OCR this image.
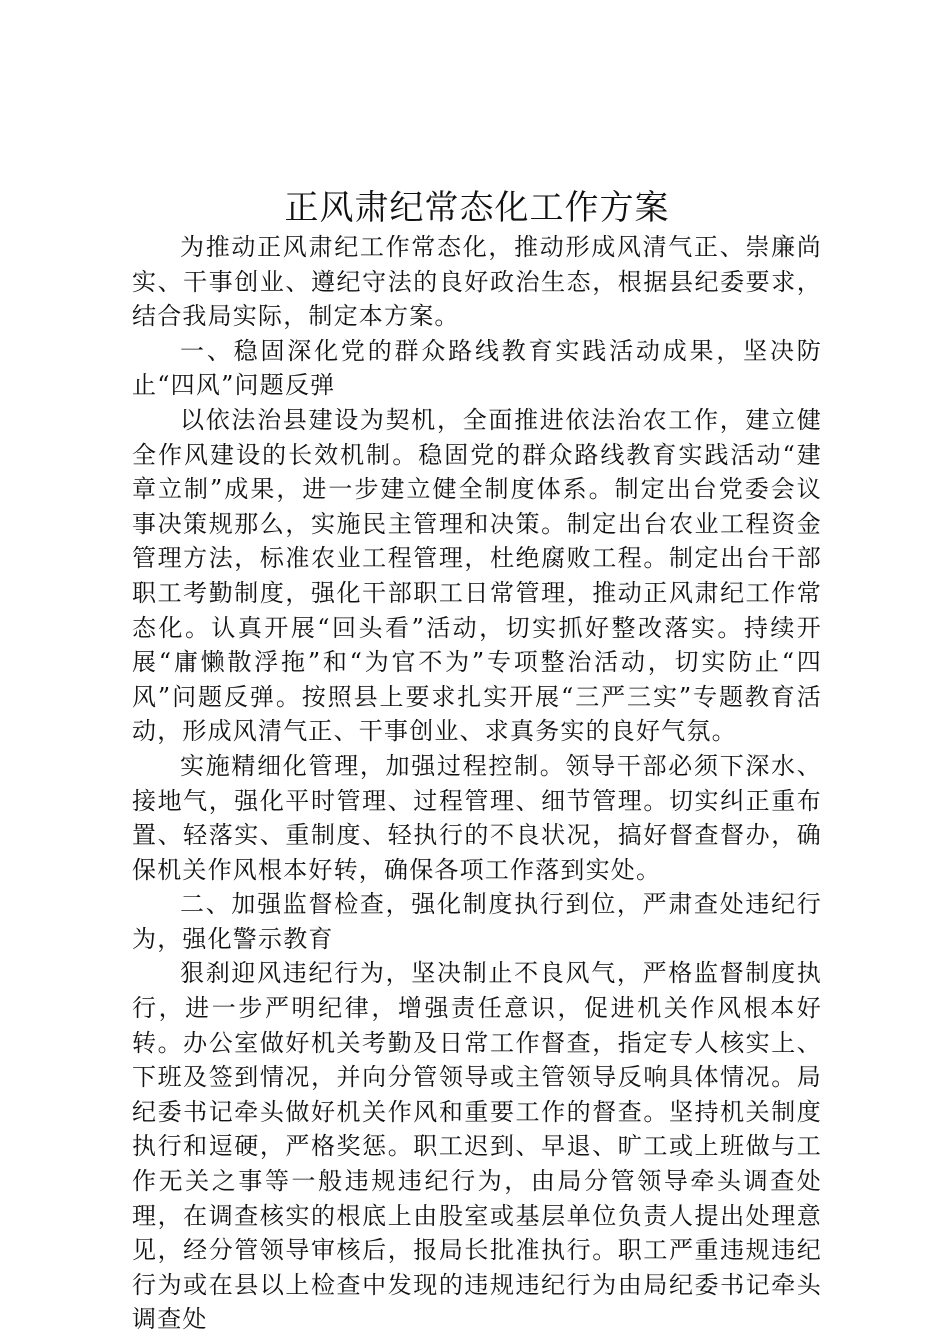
正风肃纪常态化工作方案

为推动正风肃纪工作常态化，推动形成风清气正、崇廉尚实、干事创业、遵纪守法的良好政治生态，根据县纪委要求，结合我局实际，制定本方案。

一、稳固深化党的群众路线教育实践活动成果，坚决防止“四风”问题反弹

以依法治县建设为契机，全面推进依法治农工作，建立健全作风建设的长效机制。稳固党的群众路线教育实践活动“建章立制”成果，进一步建立健全制度体系。制定出台党委会议事决策规那么，实施民主管理和决策。制定出台农业工程资金管理方法，标准农业工程管理，杜绝腐败工程。制定出台干部职工考勤制度，强化干部职工日常管理，推动正风肃纪工作常态化。认真开展“回头看”活动，切实抓好整改落实。持续开展“庸懒散浮拖”和“为官不为”专项整治活动，切实防止“四风”问题反弹。按照县上要求扎实开展“三严三实”专题教育活动，形成风清气正、干事创业、求真务实的良好气氛。

实施精细化管理，加强过程控制。领导干部必须下深水、接地气，强化平时管理、过程管理、细节管理。切实纠正重布置、轻落实、重制度、轻执行的不良状况，搞好督查督办，确保机关作风根本好转，确保各项工作落到实处。

二、加强监督检查，强化制度执行到位，严肃查处违纪行为，强化警示教育

狠刹迎风违纪行为，坚决制止不良风气，严格监督制度执行，进一步严明纪律，增强责任意识，促进机关作风根本好转。办公室做好机关考勤及日常工作督查，指定专人核实上、下班及签到情况，并向分管领导或主管领导反响具体情况。局纪委书记牵头做好机关作风和重要工作的督查。坚持机关制度执行和逗硬，严格奖惩。职工迟到、早退、旷工或上班做与工作无关之事等一般违规违纪行为，由局分管领导牵头调查处理，在调查核实的根底上由股室或基层单位负责人提出处理意见，经分管领导审核后，报局长批准执行。职工严重违规违纪行为或在县以上检查中发现的违规违纪行为由局纪委书记牵头调查处
